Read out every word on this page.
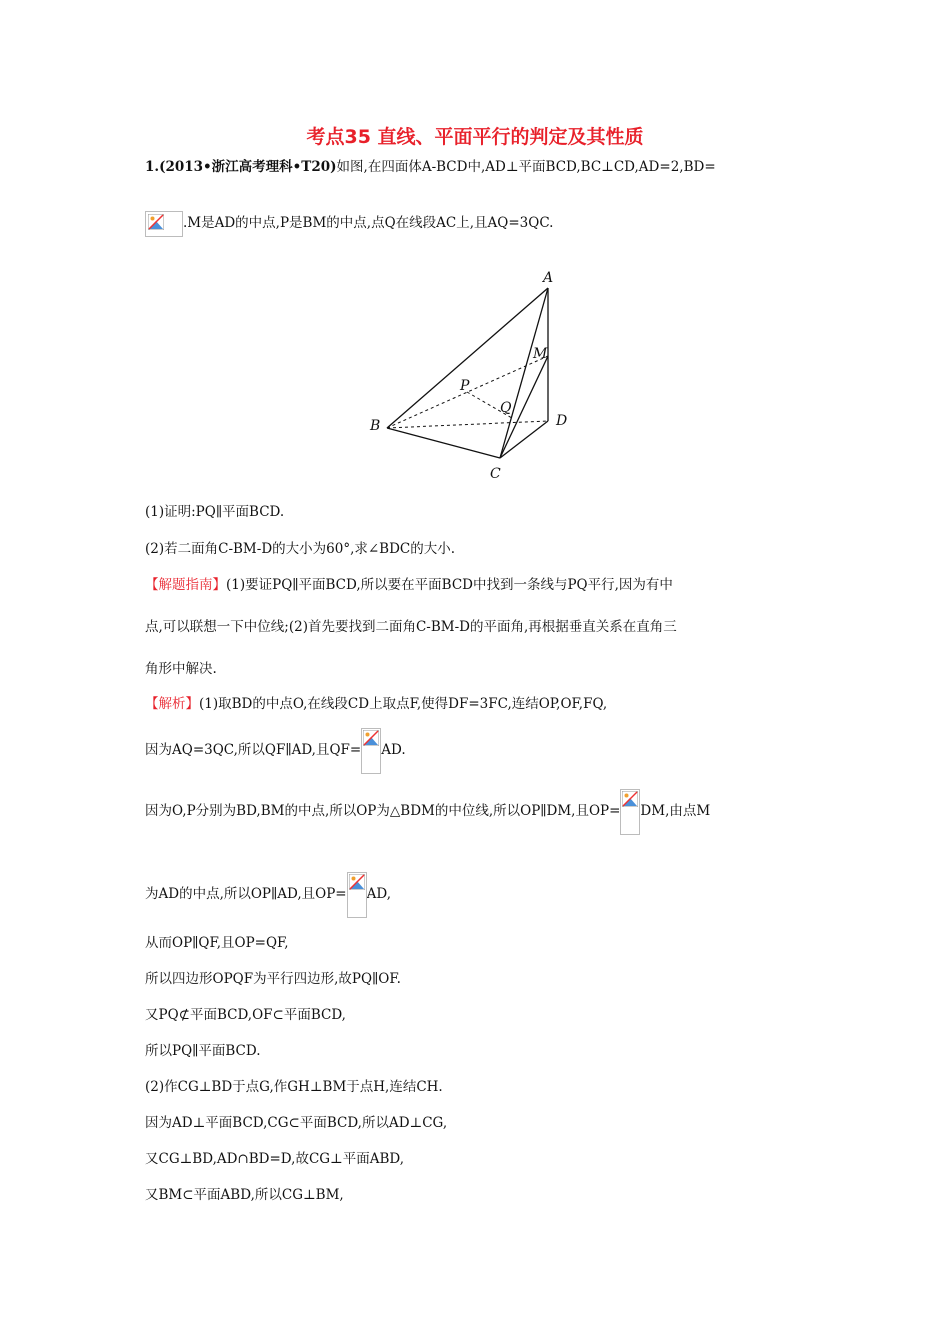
考点35 直线、平面平行的判定及其性质
1.(2013•浙江高考理科•T20)如图,在四面体A-BCD中,AD⊥平面BCD,BC⊥CD,AD=2,BD=
.M是AD的中点,P是BM的中点,点Q在线段AC上,且AQ=3QC.
A
B
C
D
M
P
Q
(1)证明:PQ∥平面BCD.
(2)若二面角C-BM-D的大小为60°,求∠BDC的大小.
【解题指南】(1)要证PQ∥平面BCD,所以要在平面BCD中找到一条线与PQ平行,因为有中
点,可以联想一下中位线;(2)首先要找到二面角C-BM-D的平面角,再根据垂直关系在直角三
角形中解决.
【解析】(1)取BD的中点O,在线段CD上取点F,使得DF=3FC,连结OP,OF,FQ,
因为AQ=3QC,所以QF∥AD,且QF= AD.
因为O,P分别为BD,BM的中点,所以OP为△BDM的中位线,所以OP∥DM,且OP= DM,由点M
为AD的中点,所以OP∥AD,且OP= AD,
从而OP∥QF,且OP=QF,
所以四边形OPQF为平行四边形,故PQ∥OF.
又PQ⊄平面BCD,OF⊂平面BCD,
所以PQ∥平面BCD.
(2)作CG⊥BD于点G,作GH⊥BM于点H,连结CH.
因为AD⊥平面BCD,CG⊂平面BCD,所以AD⊥CG,
又CG⊥BD,AD∩BD=D,故CG⊥平面ABD,
又BM⊂平面ABD,所以CG⊥BM,
